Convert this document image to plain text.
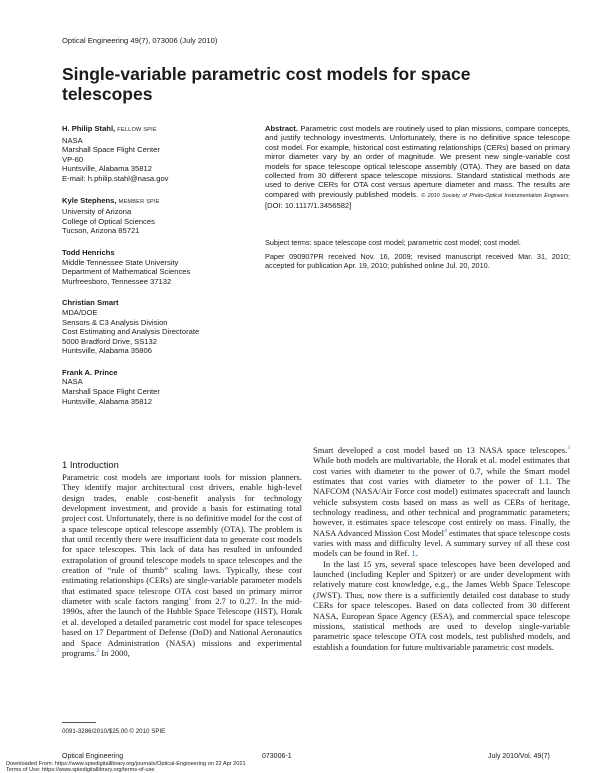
Optical Engineering 49(7), 073006 (July 2010)
Single-variable parametric cost models for space telescopes
H. Philip Stahl, FELLOW SPIE
NASA
Marshall Space Flight Center
VP-60
Huntsville, Alabama 35812
E-mail: h.philip.stahl@nasa.gov
Kyle Stephens, MEMBER SPIE
University of Arizona
College of Optical Sciences
Tucson, Arizona 85721
Todd Henrichs
Middle Tennessee State University
Department of Mathematical Sciences
Murfreesboro, Tennessee 37132
Christian Smart
MDA/DOE
Sensors & C3 Analysis Division
Cost Estimating and Analysis Directorate
5000 Bradford Drive, SS132
Huntsville, Alabama 35806
Frank A. Prince
NASA
Marshall Space Flight Center
Huntsville, Alabama 35812
Abstract. Parametric cost models are routinely used to plan missions, compare concepts, and justify technology investments. Unfortunately, there is no definitive space telescope cost model. For example, historical cost estimating relationships (CERs) based on primary mirror diameter vary by an order of magnitude. We present new single-variable cost models for space telescope optical telescope assembly (OTA). They are based on data collected from 30 different space telescope missions. Standard statistical methods are used to derive CERs for OTA cost versus aperture diameter and mass. The results are compared with previously published models. © 2010 Society of Photo-Optical Instrumentation Engineers. [DOI: 10.1117/1.3456582]
Subject terms: space telescope cost model; parametric cost model; cost model.
Paper 090907PR received Nov. 16, 2009; revised manuscript received Mar. 31, 2010; accepted for publication Apr. 19, 2010; published online Jul. 20, 2010.
1 Introduction

Parametric cost models are important tools for mission planners. They identify major architectural cost drivers, enable high-level design trades, enable cost-benefit analysis for technology development investment, and provide a basis for estimating total project cost. Unfortunately, there is no definitive model for the cost of a space telescope optical telescope assembly (OTA). The problem is that until recently there were insufficient data to generate cost models for space telescopes. This lack of data has resulted in unfounded extrapolation of ground telescope models to space telescopes and the creation of “rule of thumb” scaling laws. Typically, these cost estimating relationships (CERs) are single-variable parameter models that estimated space telescope OTA cost based on primary mirror diameter with scale factors ranging$^1$ from 2.7 to 0.27. In the mid-1990s, after the launch of the Hubble Space Telescope (HST), Horak et al. developed a detailed parametric cost model for space telescopes based on 17 Department of Defense (DoD) and National Aeronautics and Space Administration (NASA) missions and experimental programs.$^2$ In 2000,

Smart developed a cost model based on 13 NASA space telescopes.$^3$ While both models are multivariable, the Horak et al. model estimates that cost varies with diameter to the power of 0.7, while the Smart model estimates that cost varies with diameter to the power of 1.1. The NAFCOM (NASA/Air Force cost model) estimates spacecraft and launch vehicle subsystem costs based on mass as well as CERs of heritage, technology readiness, and other technical and programmatic parameters; however, it estimates space telescope cost entirely on mass. Finally, the NASA Advanced Mission Cost Model$^4$ estimates that space telescope costs varies with mass and difficulty level. A summary survey of all these cost models can be found in Ref. 1.

In the last 15 yrs, several space telescopes have been developed and launched (including Kepler and Spitzer) or are under development with relatively mature cost knowledge, e.g., the James Webb Space Telescope (JWST). Thus, now there is a sufficiently detailed cost database to study CERs for space telescopes. Based on data collected from 30 different NASA, European Space Agency (ESA), and commercial space telescope missions, statistical methods are used to develop single-variable parametric space telescope OTA cost models, test published models, and establish a foundation for future multivariable parametric cost models.

0091-3286/2010/$25.00 © 2010 SPIE
Optical Engineering	073006-1	July 2010/Vol. 49(7)
Downloaded From: https://www.spiedigitallibrary.org/journals/Optical-Engineering on 22 Apr 2021
Terms of Use: https://www.spiedigitallibrary.org/terms-of-use
